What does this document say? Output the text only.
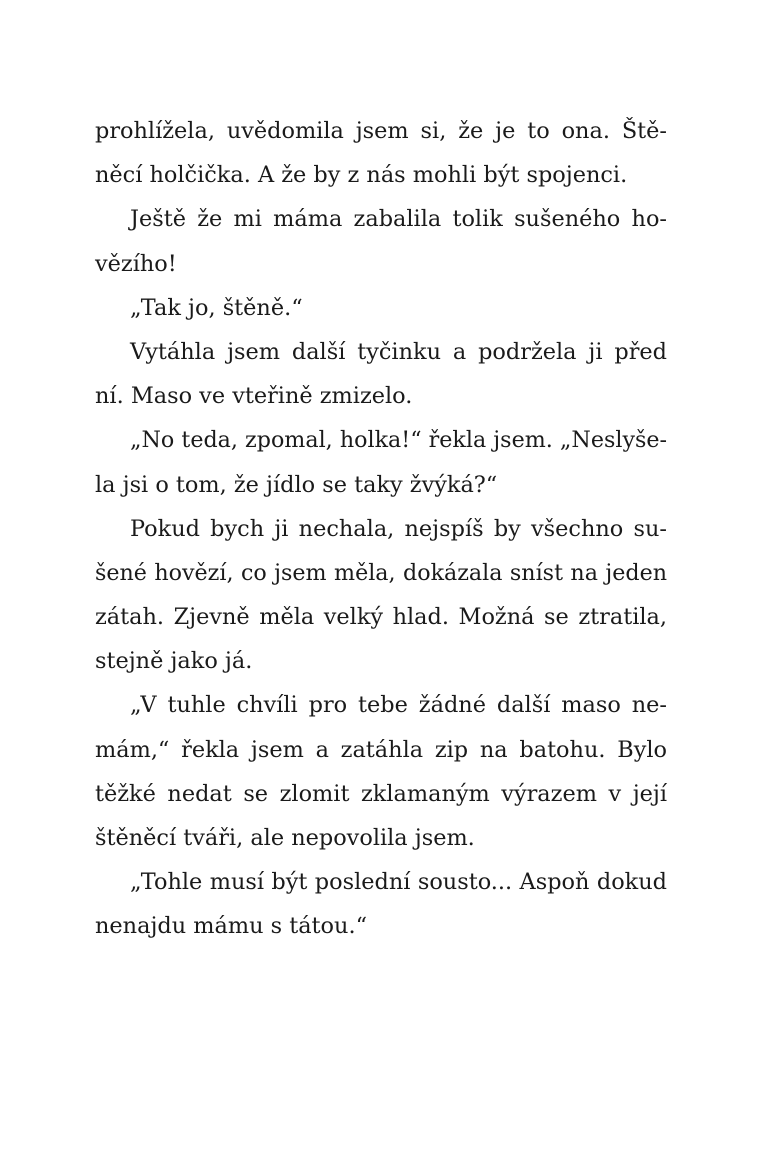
prohlížela, uvědomila jsem si, že je to ona. Ště-
něcí holčička. A že by z nás mohli být spojenci.
Ještě že mi máma zabalila tolik sušeného ho-
vězího!
„Tak jo, štěně.“
Vytáhla jsem další tyčinku a podržela ji před
ní. Maso ve vteřině zmizelo.
„No teda, zpomal, holka!“ řekla jsem. „Neslyše-
la jsi o tom, že jídlo se taky žvýká?“
Pokud bych ji nechala, nejspíš by všechno su-
šené hovězí, co jsem měla, dokázala sníst na jeden
zátah. Zjevně měla velký hlad. Možná se ztratila,
stejně jako já.
„V tuhle chvíli pro tebe žádné další maso ne-
mám,“ řekla jsem a zatáhla zip na batohu. Bylo
těžké nedat se zlomit zklamaným výrazem v její
štěněcí tváři, ale nepovolila jsem.
„Tohle musí být poslední sousto... Aspoň dokud
nenajdu mámu s tátou.“
